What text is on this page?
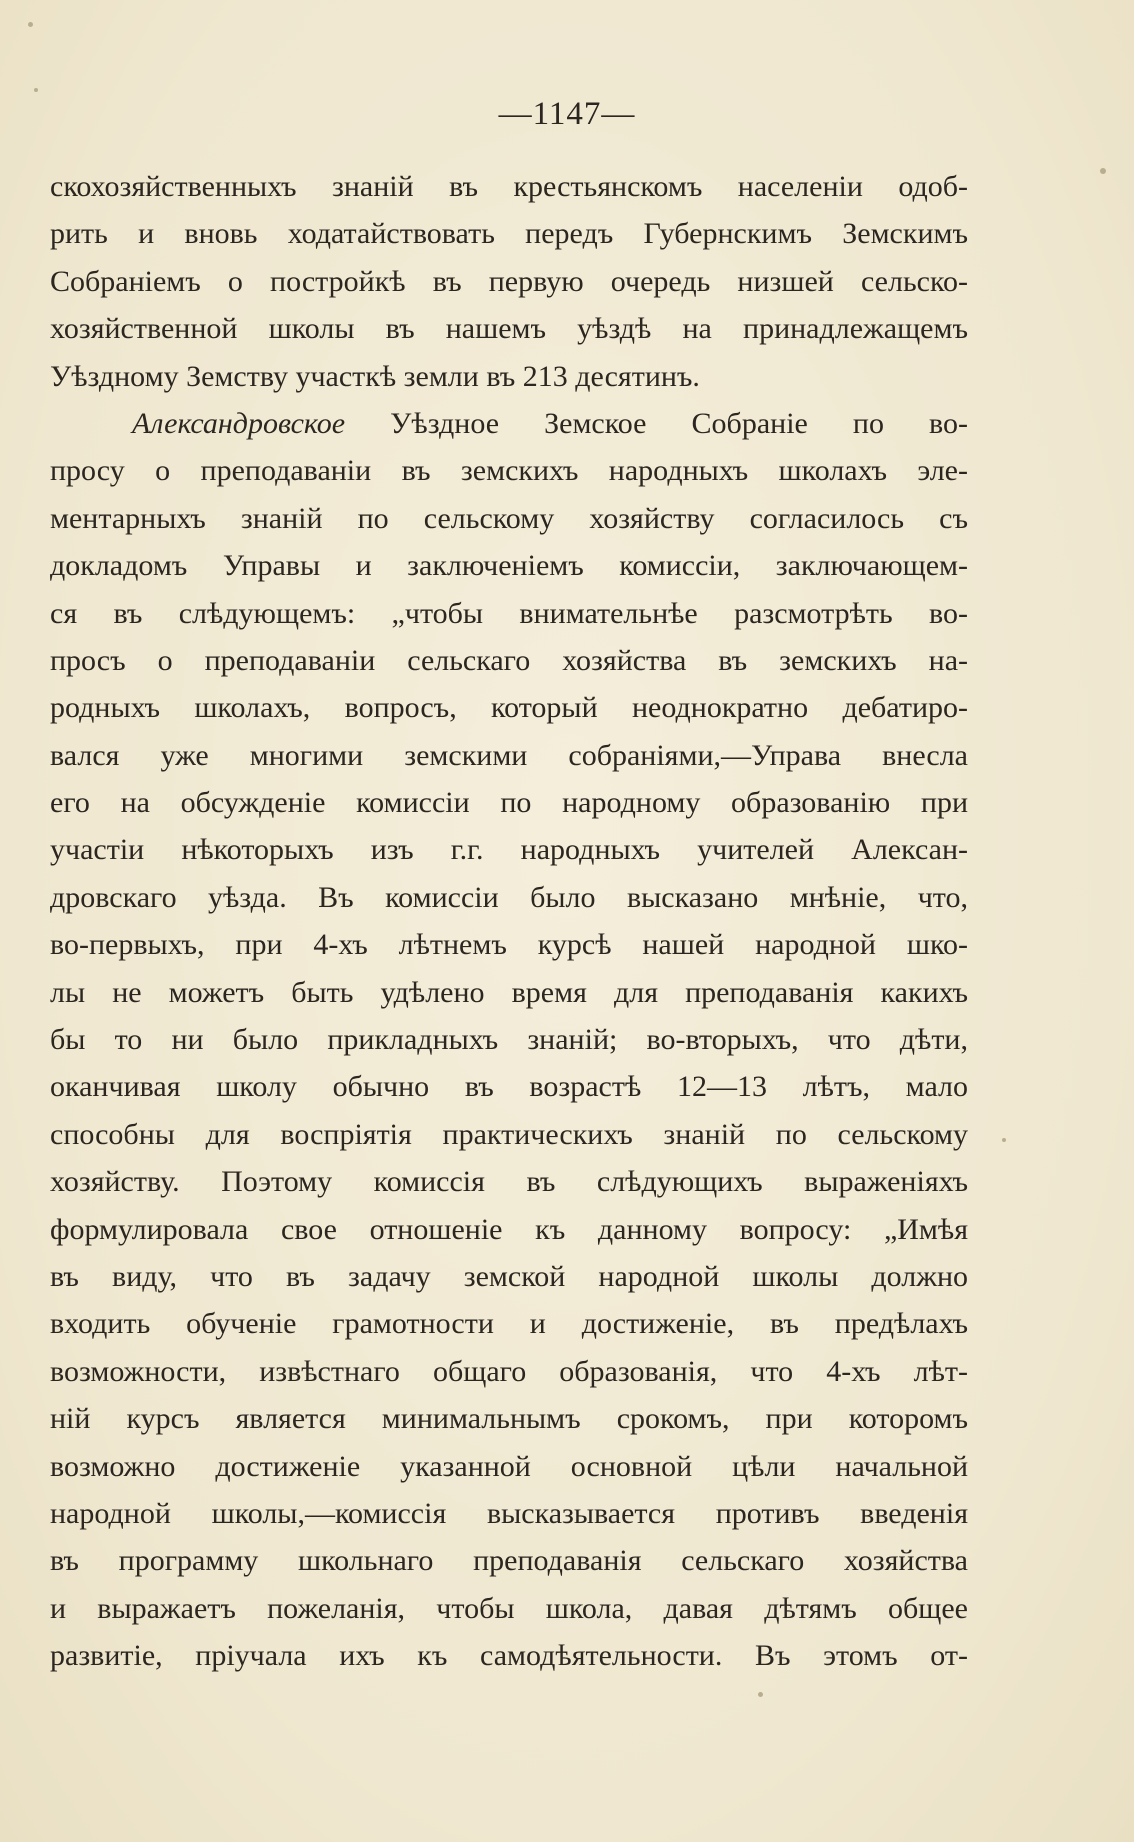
—1147—
скохозяйственныхъ знаній въ крестьянскомъ населеніи одоб-
рить и вновь ходатайствовать передъ Губернскимъ Земскимъ
Собраніемъ о постройкѣ въ первую очередь низшей сельско-
хозяйственной школы въ нашемъ уѣздѣ на принадлежащемъ
Уѣздному Земству участкѣ земли въ 213 десятинъ.
Александровское Уѣздное Земское Собраніе по во-
просу о преподаваніи въ земскихъ народныхъ школахъ эле-
ментарныхъ знаній по сельскому хозяйству согласилось съ
докладомъ Управы и заключеніемъ комиссіи, заключающем-
ся въ слѣдующемъ: „чтобы внимательнѣе разсмотрѣть во-
просъ о преподаваніи сельскаго хозяйства въ земскихъ на-
родныхъ школахъ, вопросъ, который неоднократно дебатиро-
вался уже многими земскими собраніями,—Управа внесла
его на обсужденіе комиссіи по народному образованію при
участіи нѣкоторыхъ изъ г.г. народныхъ учителей Алексан-
дровскаго уѣзда. Въ комиссіи было высказано мнѣніе, что,
во-первыхъ, при 4-хъ лѣтнемъ курсѣ нашей народной шко-
лы не можетъ быть удѣлено время для преподаванія какихъ
бы то ни было прикладныхъ знаній; во-вторыхъ, что дѣти,
оканчивая школу обычно въ возрастѣ 12—13 лѣтъ, мало
способны для воспріятія практическихъ знаній по сельскому
хозяйству. Поэтому комиссія въ слѣдующихъ выраженіяхъ
формулировала свое отношеніе къ данному вопросу: „Имѣя
въ виду, что въ задачу земской народной школы должно
входить обученіе грамотности и достиженіе, въ предѣлахъ
возможности, извѣстнаго общаго образованія, что 4-хъ лѣт-
ній курсъ является минимальнымъ срокомъ, при которомъ
возможно достиженіе указанной основной цѣли начальной
народной школы,—комиссія высказывается противъ введенія
въ программу школьнаго преподаванія сельскаго хозяйства
и выражаетъ пожеланія, чтобы школа, давая дѣтямъ общее
развитіе, пріучала ихъ къ самодѣятельности. Въ этомъ от-
